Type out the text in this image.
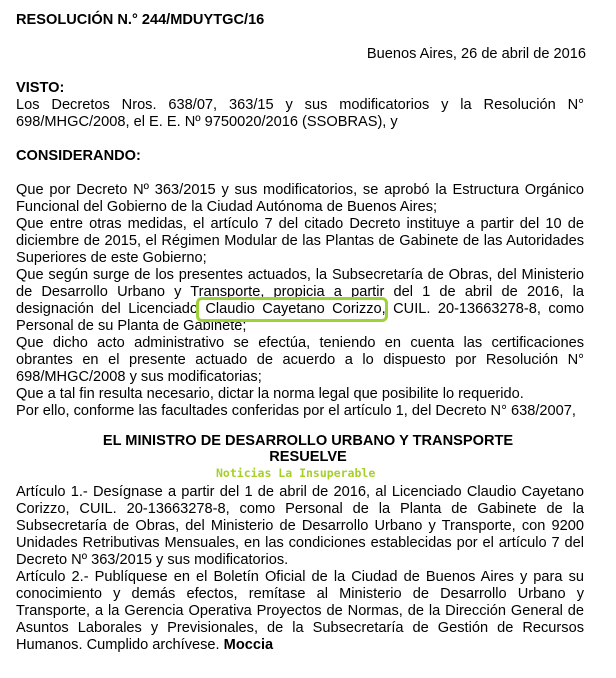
RESOLUCIÓN N.° 244/MDUYTGC/16
Buenos Aires, 26 de abril de 2016
VISTO:
Los Decretos Nros. 638/07, 363/15 y sus modificatorios y la Resolución N°
698/MHGC/2008, el E. E. Nº 9750020/2016 (SSOBRAS), y
CONSIDERANDO:
Que por Decreto Nº 363/2015 y sus modificatorios, se aprobó la Estructura Orgánico
Funcional del Gobierno de la Ciudad Autónoma de Buenos Aires;
Que entre otras medidas, el artículo 7 del citado Decreto instituye a partir del 10 de
diciembre de 2015, el Régimen Modular de las Plantas de Gabinete de las Autoridades
Superiores de este Gobierno;
Que según surge de los presentes actuados, la Subsecretaría de Obras, del Ministerio
de Desarrollo Urbano y Transporte, propicia a partir del 1 de abril de 2016, la
designación del Licenciado Claudio Cayetano Corizzo, CUIL. 20-13663278-8, como
Personal de su Planta de Gabinete;
Que dicho acto administrativo se efectúa, teniendo en cuenta las certificaciones
obrantes en el presente actuado de acuerdo a lo dispuesto por Resolución N°
698/MHGC/2008 y sus modificatorias;
Que a tal fin resulta necesario, dictar la norma legal que posibilite lo requerido.
Por ello, conforme las facultades conferidas por el artículo 1, del Decreto N° 638/2007,
EL MINISTRO DE DESARROLLO URBANO Y TRANSPORTE
RESUELVE
Noticias La Insuperable
Artículo 1.- Desígnase a partir del 1 de abril de 2016, al Licenciado Claudio Cayetano
Corizzo, CUIL. 20-13663278-8, como Personal de la Planta de Gabinete de la
Subsecretaría de Obras, del Ministerio de Desarrollo Urbano y Transporte, con 9200
Unidades Retributivas Mensuales, en las condiciones establecidas por el artículo 7 del
Decreto Nº 363/2015 y sus modificatorios.
Artículo 2.- Publíquese en el Boletín Oficial de la Ciudad de Buenos Aires y para su
conocimiento y demás efectos, remítase al Ministerio de Desarrollo Urbano y
Transporte, a la Gerencia Operativa Proyectos de Normas, de la Dirección General de
Asuntos Laborales y Previsionales, de la Subsecretaría de Gestión de Recursos
Humanos. Cumplido archívese. Moccia
